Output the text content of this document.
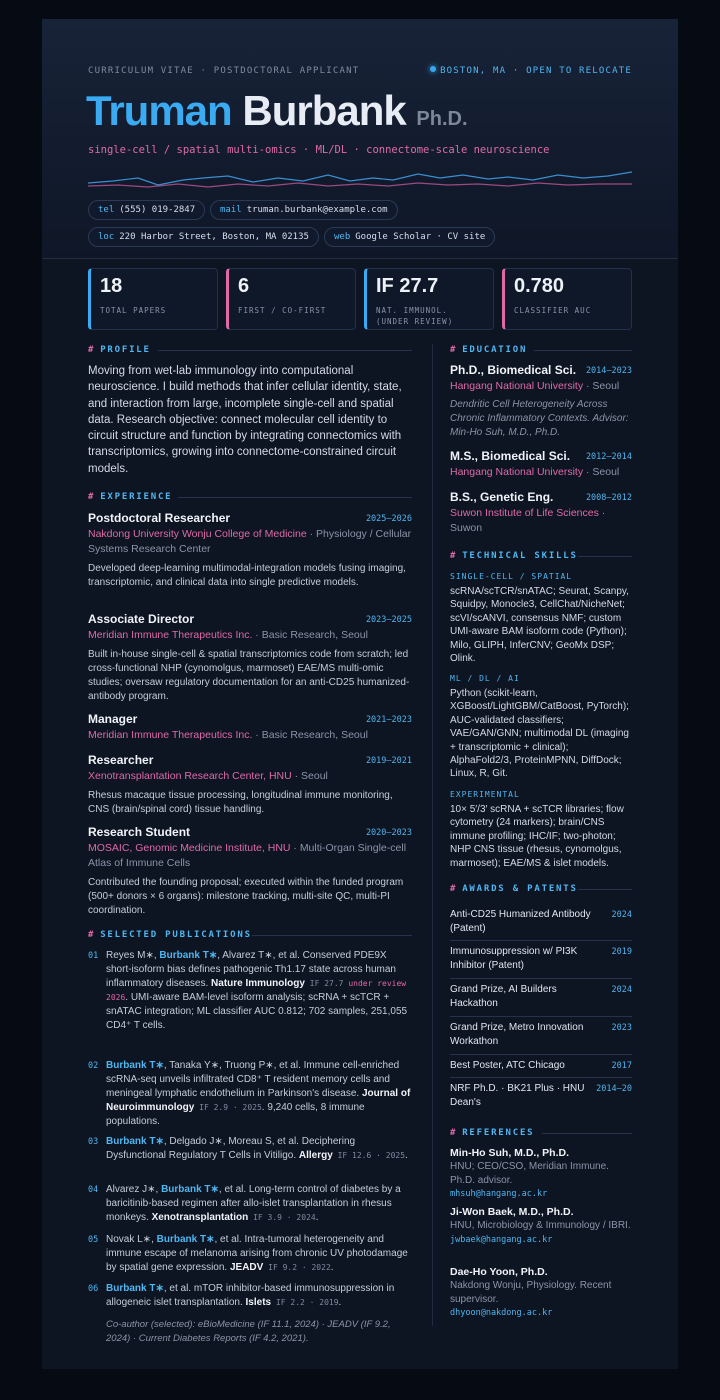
CURRICULUM VITAE · POSTDOCTORAL APPLICANT	BOSTON, MA · OPEN TO RELOCATE
Truman Burbank Ph.D.
single-cell / spatial multi-omics · ML/DL · connectome-scale neuroscience
tel (555) 019-2847	mail truman.burbank@example.com
loc 220 Harbor Street, Boston, MA 02135	web Google Scholar · CV site
18
TOTAL PAPERS
6
FIRST / CO-FIRST
IF 27.7
NAT. IMMUNOL. (UNDER REVIEW)
0.780
CLASSIFIER AUC
# PROFILE
Moving from wet-lab immunology into computational neuroscience. I build methods that infer cellular identity, state, and interaction from large, incomplete single-cell and spatial data. Research objective: connect molecular cell identity to circuit structure and function by integrating connectomics with transcriptomics, growing into connectome-constrained circuit models.
# EXPERIENCE
Postdoctoral Researcher	2025–2026
Nakdong University Wonju College of Medicine · Physiology / Cellular Systems Research Center
Developed deep-learning multimodal-integration models fusing imaging, transcriptomic, and clinical data into single predictive models.
Associate Director	2023–2025
Meridian Immune Therapeutics Inc. · Basic Research, Seoul
Built in-house single-cell & spatial transcriptomics code from scratch; led cross-functional NHP (cynomolgus, marmoset) EAE/MS multi-omic studies; oversaw regulatory documentation for an anti-CD25 humanized-antibody program.
Manager	2021–2023
Meridian Immune Therapeutics Inc. · Basic Research, Seoul
Researcher	2019–2021
Xenotransplantation Research Center, HNU · Seoul
Rhesus macaque tissue processing, longitudinal immune monitoring, CNS (brain/spinal cord) tissue handling.
Research Student	2020–2023
MOSAIC, Genomic Medicine Institute, HNU · Multi-Organ Single-cell Atlas of Immune Cells
Contributed the founding proposal; executed within the funded program (500+ donors × 6 organs): milestone tracking, multi-site QC, multi-PI coordination.
# SELECTED PUBLICATIONS
01 Reyes M∗, Burbank T∗, Alvarez T∗, et al. Conserved PDE9X short-isoform bias defines pathogenic Th1.17 state across human inflammatory diseases. Nature Immunology IF 27.7 under review 2026. UMI-aware BAM-level isoform analysis; scRNA + scTCR + snATAC integration; ML classifier AUC 0.812; 702 samples, 251,055 CD4⁺ T cells.
02 Burbank T∗, Tanaka Y∗, Truong P∗, et al. Immune cell-enriched scRNA-seq unveils infiltrated CD8⁺ T resident memory cells and meningeal lymphatic endothelium in Parkinson's disease. Journal of Neuroimmunology IF 2.9 · 2025. 9,240 cells, 8 immune populations.
03 Burbank T∗, Delgado J∗, Moreau S, et al. Deciphering Dysfunctional Regulatory T Cells in Vitiligo. Allergy IF 12.6 · 2025.
04 Alvarez J∗, Burbank T∗, et al. Long-term control of diabetes by a baricitinib-based regimen after allo-islet transplantation in rhesus monkeys. Xenotransplantation IF 3.9 · 2024.
05 Novak L∗, Burbank T∗, et al. Intra-tumoral heterogeneity and immune escape of melanoma arising from chronic UV photodamage by spatial gene expression. JEADV IF 9.2 · 2022.
06 Burbank T∗, et al. mTOR inhibitor-based immunosuppression in allogeneic islet transplantation. Islets IF 2.2 · 2019.
Co-author (selected): eBioMedicine (IF 11.1, 2024) · JEADV (IF 9.2, 2024) · Current Diabetes Reports (IF 4.2, 2021).
# EDUCATION
Ph.D., Biomedical Sci.	2014–2023
Hangang National University · Seoul
Dendritic Cell Heterogeneity Across Chronic Inflammatory Contexts. Advisor: Min-Ho Suh, M.D., Ph.D.
M.S., Biomedical Sci.	2012–2014
Hangang National University · Seoul
B.S., Genetic Eng.	2008–2012
Suwon Institute of Life Sciences · Suwon
# TECHNICAL SKILLS
SINGLE-CELL / SPATIAL
scRNA/scTCR/snATAC; Seurat, Scanpy, Squidpy, Monocle3, CellChat/NicheNet; scVI/scANVI, consensus NMF; custom UMI-aware BAM isoform code (Python); Milo, GLIPH, InferCNV; GeoMx DSP; Olink.
ML / DL / AI
Python (scikit-learn, XGBoost/LightGBM/CatBoost, PyTorch); AUC-validated classifiers; VAE/GAN/GNN; multimodal DL (imaging + transcriptomic + clinical); AlphaFold2/3, ProteinMPNN, DiffDock; Linux, R, Git.
EXPERIMENTAL
10× 5′/3′ scRNA + scTCR libraries; flow cytometry (24 markers); brain/CNS immune profiling; IHC/IF; two-photon; NHP CNS tissue (rhesus, cynomolgus, marmoset); EAE/MS & islet models.
# AWARDS & PATENTS
Anti-CD25 Humanized Antibody (Patent)
2024
Immunosuppression w/ PI3K Inhibitor (Patent)
2019
Grand Prize, AI Builders Hackathon
2024
Grand Prize, Metro Innovation Workathon
2023
Best Poster, ATC Chicago	2017
NRF Ph.D. · BK21 Plus · HNU Dean's
2014–20
# REFERENCES
Min-Ho Suh, M.D., Ph.D.
HNU; CEO/CSO, Meridian Immune. Ph.D. advisor.
mhsuh@hangang.ac.kr
Ji-Won Baek, M.D., Ph.D.
HNU, Microbiology & Immunology / IBRI.
jwbaek@hangang.ac.kr
Dae-Ho Yoon, Ph.D.
Nakdong Wonju, Physiology. Recent supervisor.
dhyoon@nakdong.ac.kr
